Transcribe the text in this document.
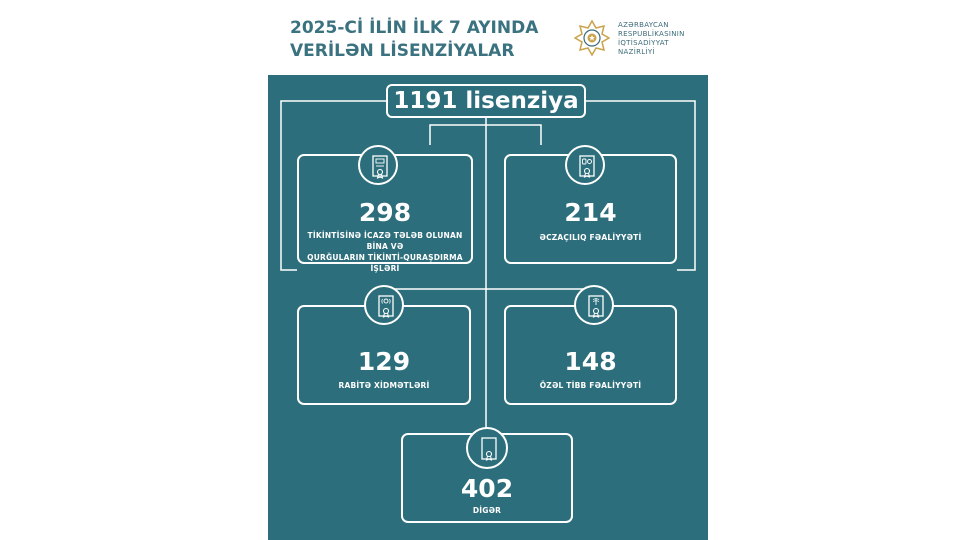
2025-Cİ İLİN İLK 7 AYINDA
VERİLƏN LİSENZİYALAR
AZƏRBAYCAN
RESPUBLİKASININ
İQTİSADİYYAT
NAZİRLİYİ
1191 lisenziya
298
TİKİNTİSİNƏ İCAZƏ TƏLƏB OLUNAN BİNA VƏ
QURĞULARIN TİKİNTİ-QURAŞDIRMA İŞLƏRİ
214
ƏCZAÇILIQ FƏALİYYƏTİ
129
RABİTƏ XİDMƏTLƏRİ
148
ÖZƏL TİBB FƏALİYYƏTİ
402
DİGƏR
